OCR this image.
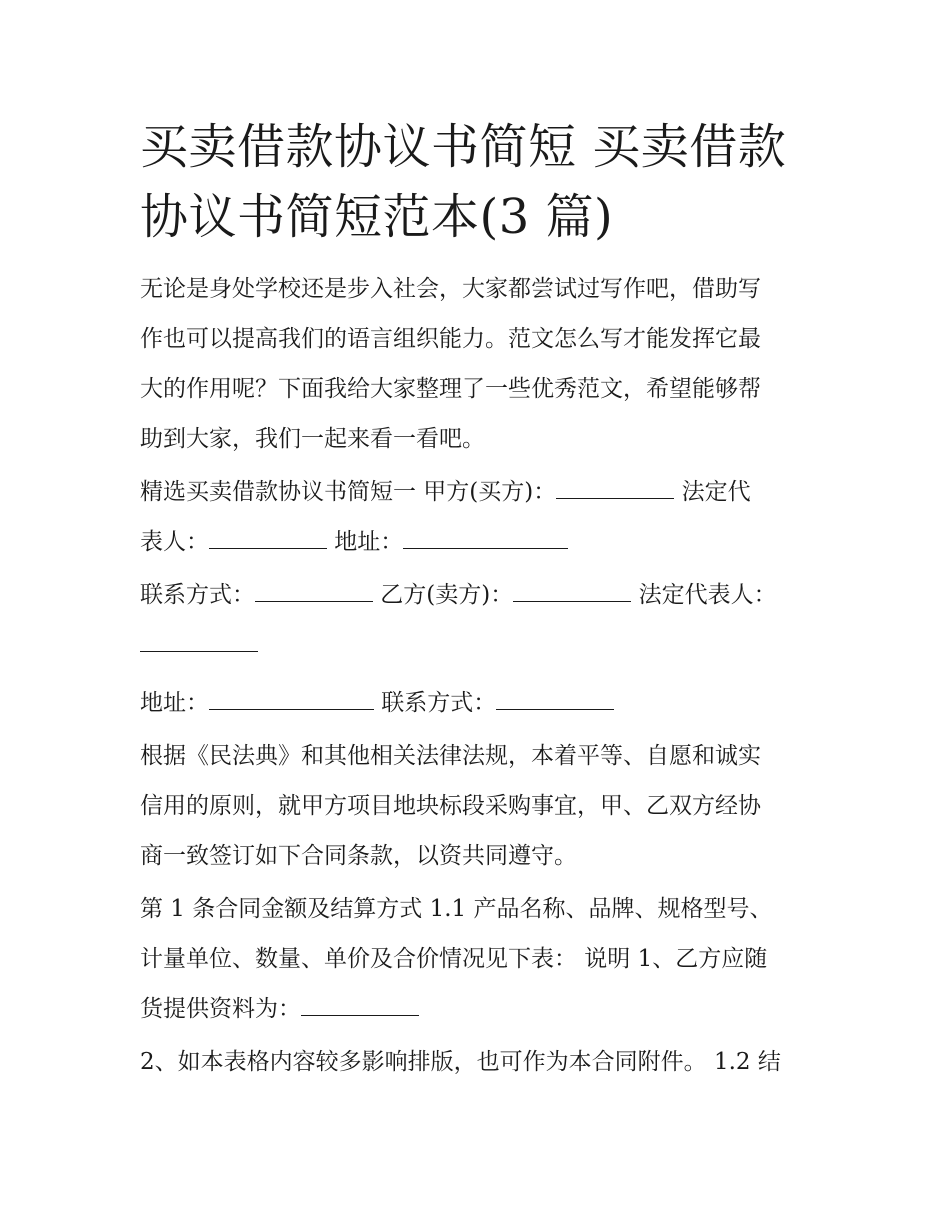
买卖借款协议书简短 买卖借款
协议书简短范本(3 篇)
无论是身处学校还是步入社会，大家都尝试过写作吧，借助写
作也可以提高我们的语言组织能力。范文怎么写才能发挥它最
大的作用呢？下面我给大家整理了一些优秀范文，希望能够帮
助到大家，我们一起来看一看吧。
精选买卖借款协议书简短一 甲方(买方)：	法定代
表人：	地址：
联系方式：	乙方(卖方)：	法定代表人：
地址：	联系方式：
根据《民法典》和其他相关法律法规，本着平等、自愿和诚实
信用的原则，就甲方项目地块标段采购事宜，甲、乙双方经协
商一致签订如下合同条款，以资共同遵守。
第 1 条合同金额及结算方式 1.1 产品名称、品牌、规格型号、
计量单位、数量、单价及合价情况见下表： 说明 1、乙方应随
货提供资料为：
2、如本表格内容较多影响排版，也可作为本合同附件。 1.2 结
